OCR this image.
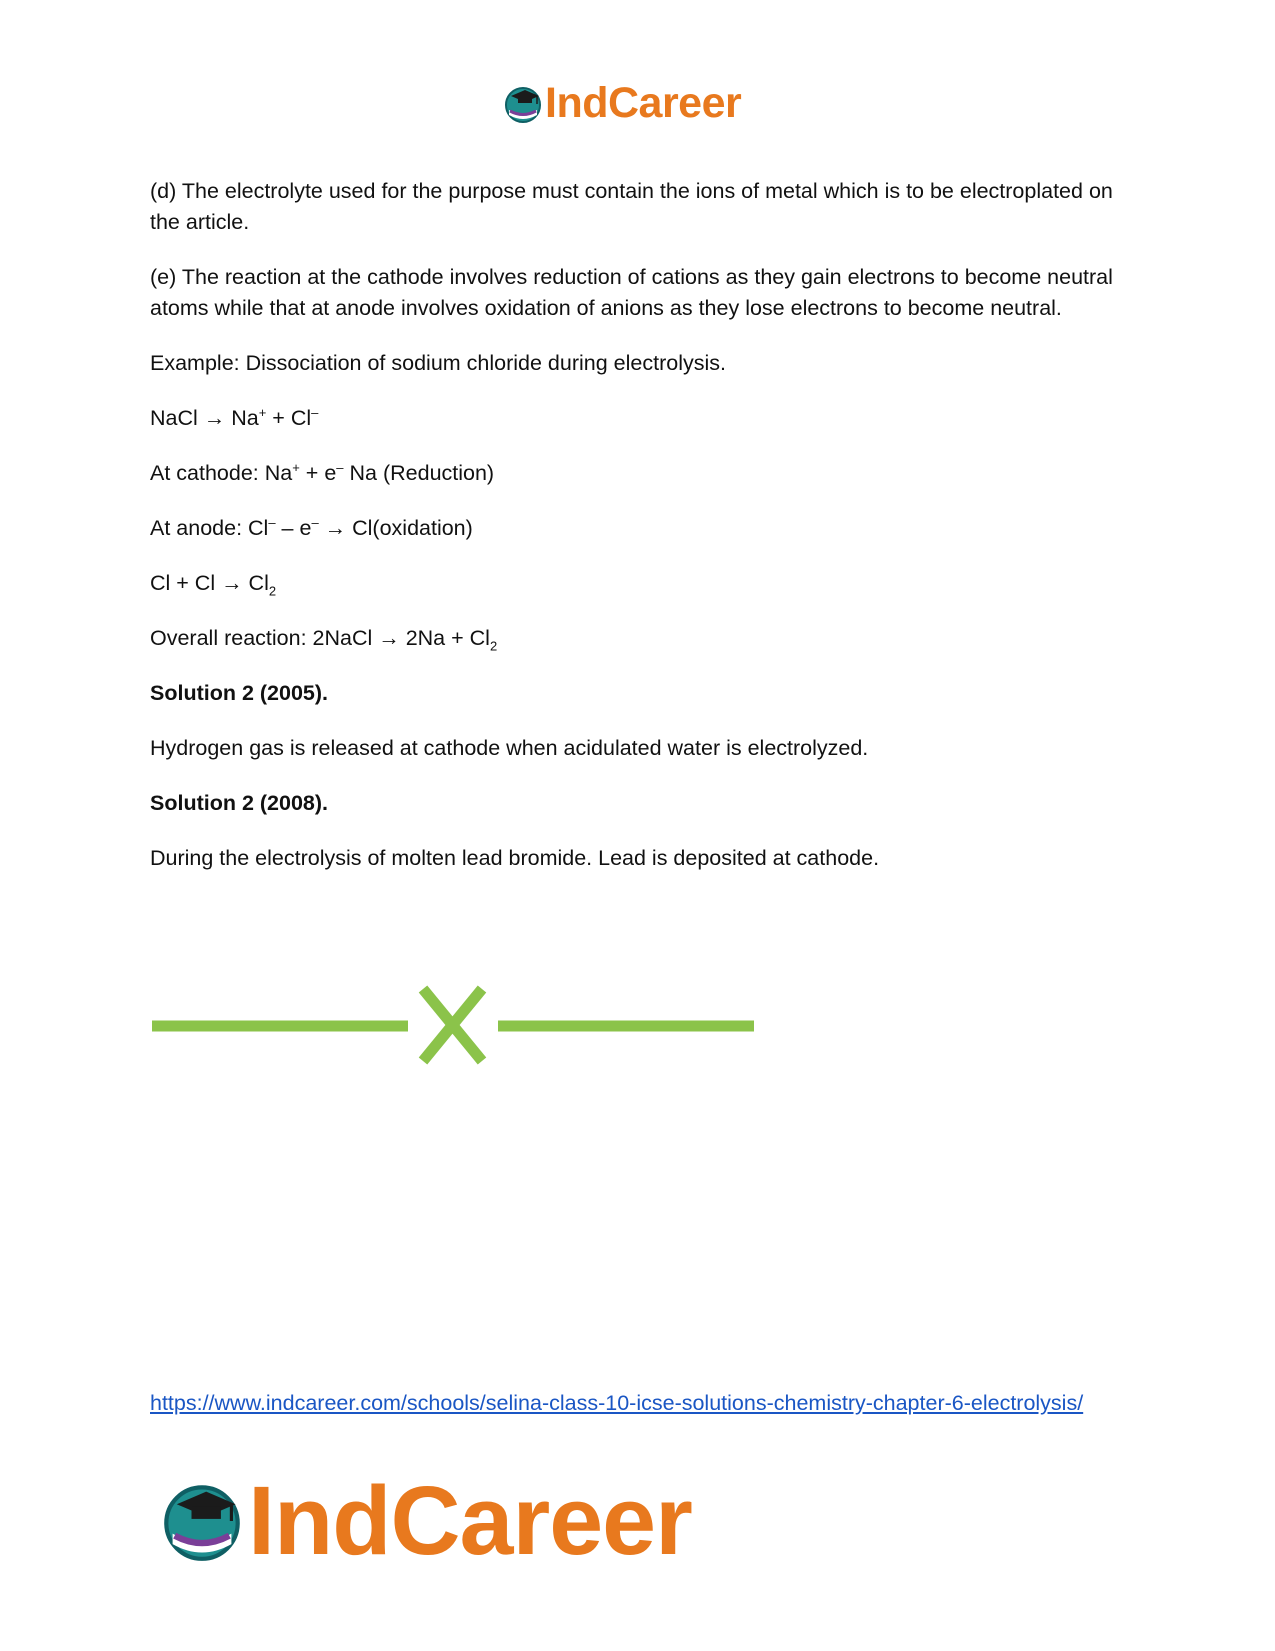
IndCareer

(d) The electrolyte used for the purpose must contain the ions of metal which is to be electroplated on the article.

(e) The reaction at the cathode involves reduction of cations as they gain electrons to become neutral atoms while that at anode involves oxidation of anions as they lose electrons to become neutral.

Example: Dissociation of sodium chloride during electrolysis.

NaCl → Na+ + Cl–

At cathode: Na+ + e– Na (Reduction)

At anode: Cl– – e– → Cl(oxidation)

$Cl + Cl \to Cl_2$

Overall reaction: 2NaCl → $2Na + Cl_2$

Solution 2 (2005).

Hydrogen gas is released at cathode when acidulated water is electrolyzed.

Solution 2 (2008).

During the electrolysis of molten lead bromide. Lead is deposited at cathode.

https://www.indcareer.com/schools/selina-class-10-icse-solutions-chemistry-chapter-6-electrolysis/
IndCareer
